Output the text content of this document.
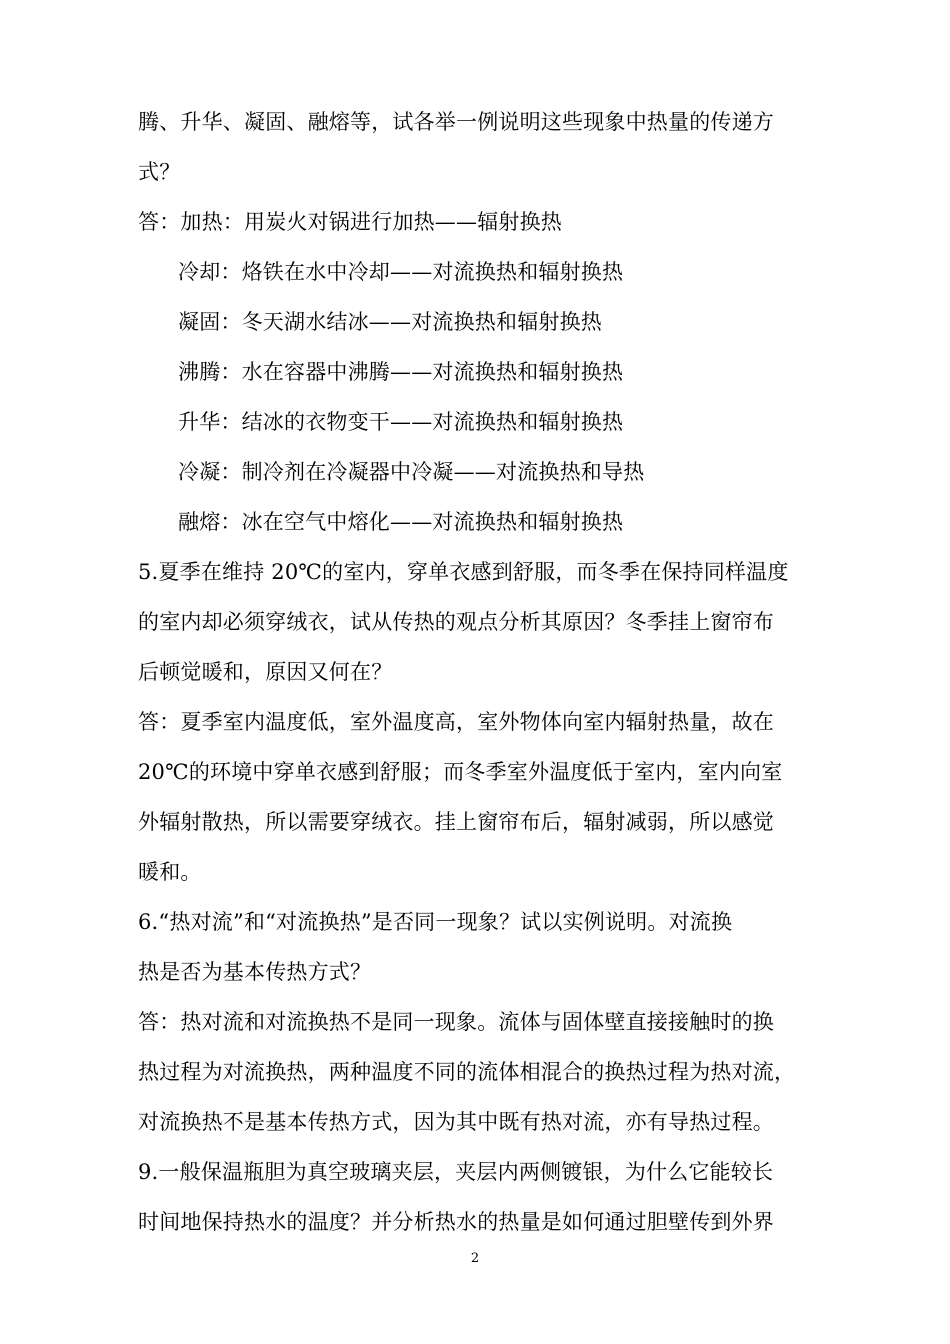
腾、升华、凝固、融熔等，试各举一例说明这些现象中热量的传递方
式？
答：加热：用炭火对锅进行加热——辐射换热
冷却：烙铁在水中冷却——对流换热和辐射换热
凝固：冬天湖水结冰——对流换热和辐射换热
沸腾：水在容器中沸腾——对流换热和辐射换热
升华：结冰的衣物变干——对流换热和辐射换热
冷凝：制冷剂在冷凝器中冷凝——对流换热和导热
融熔：冰在空气中熔化——对流换热和辐射换热
5.夏季在维持 20℃的室内，穿单衣感到舒服，而冬季在保持同样温度
的室内却必须穿绒衣，试从传热的观点分析其原因？冬季挂上窗帘布
后顿觉暖和，原因又何在？
答：夏季室内温度低，室外温度高，室外物体向室内辐射热量，故在
20℃的环境中穿单衣感到舒服；而冬季室外温度低于室内，室内向室
外辐射散热，所以需要穿绒衣。挂上窗帘布后，辐射减弱，所以感觉
暖和。
6.“热对流”和“对流换热”是否同一现象？试以实例说明。对流换
热是否为基本传热方式？
答：热对流和对流换热不是同一现象。流体与固体壁直接接触时的换
热过程为对流换热，两种温度不同的流体相混合的换热过程为热对流，
对流换热不是基本传热方式，因为其中既有热对流，亦有导热过程。
9.一般保温瓶胆为真空玻璃夹层，夹层内两侧镀银，为什么它能较长
时间地保持热水的温度？并分析热水的热量是如何通过胆壁传到外界
2
